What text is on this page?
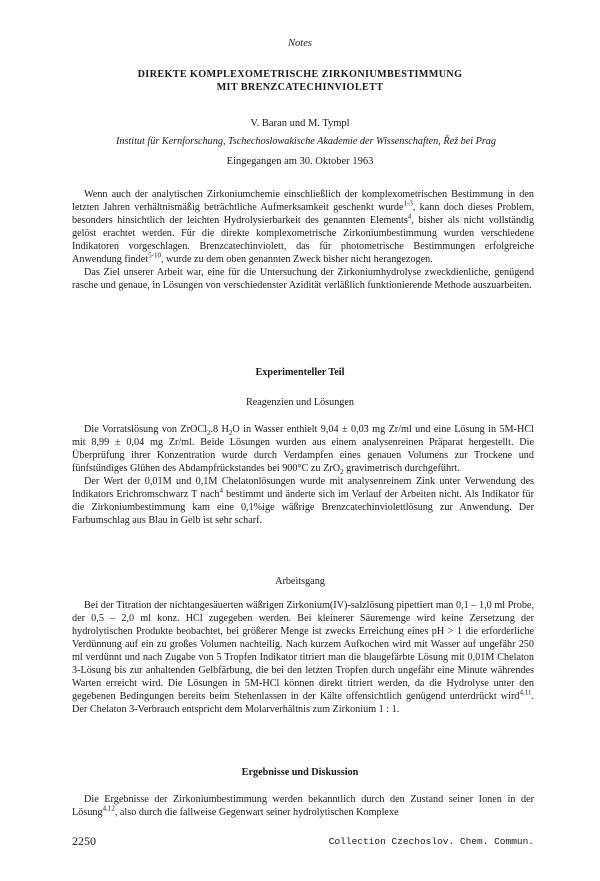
Notes
DIREKTE KOMPLEXOMETRISCHE ZIRKONIUMBESTIMMUNG
MIT BRENZCATECHINVIOLETT
V. Baran und M. Tympl
Institut für Kernforschung, Tschechoslowakische Akademie der Wissenschaften, Řež bei Prag
Eingegangen am 30. Oktober 1963

Wenn auch der analytischen Zirkoniumchemie einschließlich der komplexometrischen Bestimmung in den letzten Jahren verhältnismäßig beträchtliche Aufmerksamkeit geschenkt wurde$^{1-3}$, kann doch dieses Problem, besonders hinsichtlich der leichten Hydrolysierbarkeit des genannten Elements$^4$, bisher als nicht vollständig gelöst erachtet werden. Für die direkte komplexometrische Zirkoniumbestimmung wurden verschiedene Indikatoren vorgeschlagen. Brenzcatechinviolett, das für photometrische Bestimmungen erfolgreiche Anwendung findet$^{5-10}$, wurde zu dem oben genannten Zweck bisher nicht herangezogen.

Das Ziel unserer Arbeit war, eine für die Untersuchung der Zirkoniumhydrolyse zweckdienliche, genügend rasche und genaue, in Lösungen von verschiedenster Azidität verläßlich funktionierende Methode auszuarbeiten.

Experimenteller Teil
Reagenzien und Lösungen

Die Vorratslösung von ZrOCl$_2$.8 $H_2O$ in Wasser enthielt 9,04 ± 0,03 mg Zr/ml und eine Lösung in 5M-HCl mit 8,99 ± 0,04 mg Zr/ml. Beide Lösungen wurden aus einem analysenreinen Präparat hergestellt. Die Überprüfung ihrer Konzentration wurde durch Verdampfen eines genauen Volumens zur Trockene und fünfstündiges Glühen des Abdampfrückstandes bei 900°C zu ZrO$_2$ gravimetrisch durchgeführt.

Der Wert der 0,01M und 0,1M Chelatonlösungen wurde mit analysenreinem Zink unter Verwendung des Indikators Erichromschwarz T nach$^4$ bestimmt und änderte sich im Verlauf der Arbeiten nicht. Als Indikator für die Zirkoniumbestimmung kam eine 0,1%ige wäßrige Brenzcatechinviolettlösung zur Anwendung. Der Farbumschlag aus Blau in Gelb ist sehr scharf.

Arbeitsgang

Bei der Titration der nichtangesäuerten wäßrigen Zirkonium(IV)-salzlösung pipettiert man 0,1 – 1,0 ml Probe, der 0,5 – 2,0 ml konz. HCl zugegeben werden. Bei kleinerer Säuremenge wird keine Zersetzung der hydrolytischen Produkte beobachtet, bei größerer Menge ist zwecks Erreichung eines pH > 1 die erforderliche Verdünnung auf ein zu großes Volumen nachteilig. Nach kurzem Aufkochen wird mit Wasser auf ungefähr 250 ml verdünnt und nach Zugabe von 5 Tropfen Indikator titriert man die blaugefärbte Lösung mit 0,01M Chelaton 3-Lösung bis zur anhaltenden Gelbfärbung, die bei den letzten Tropfen durch ungefähr eine Minute währendes Warten erreicht wird. Die Lösungen in 5M-HCl können direkt titriert werden, da die Hydrolyse unter den gegebenen Bedingungen bereits beim Stehenlassen in der Kälte offensichtlich genügend unterdrückt wird$^{4,11}$. Der Chelaton 3-Verbrauch entspricht dem Molarverhältnis zum Zirkonium 1 : 1.

Ergebnisse und Diskussion

Die Ergebnisse der Zirkoniumbestimmung werden bekanntlich durch den Zustand seiner Ionen in der Lösung$^{4,12}$, also durch die fallweise Gegenwart seiner hydrolytischen Komplexe

2250	Collection Czechoslov. Chem. Commun.
